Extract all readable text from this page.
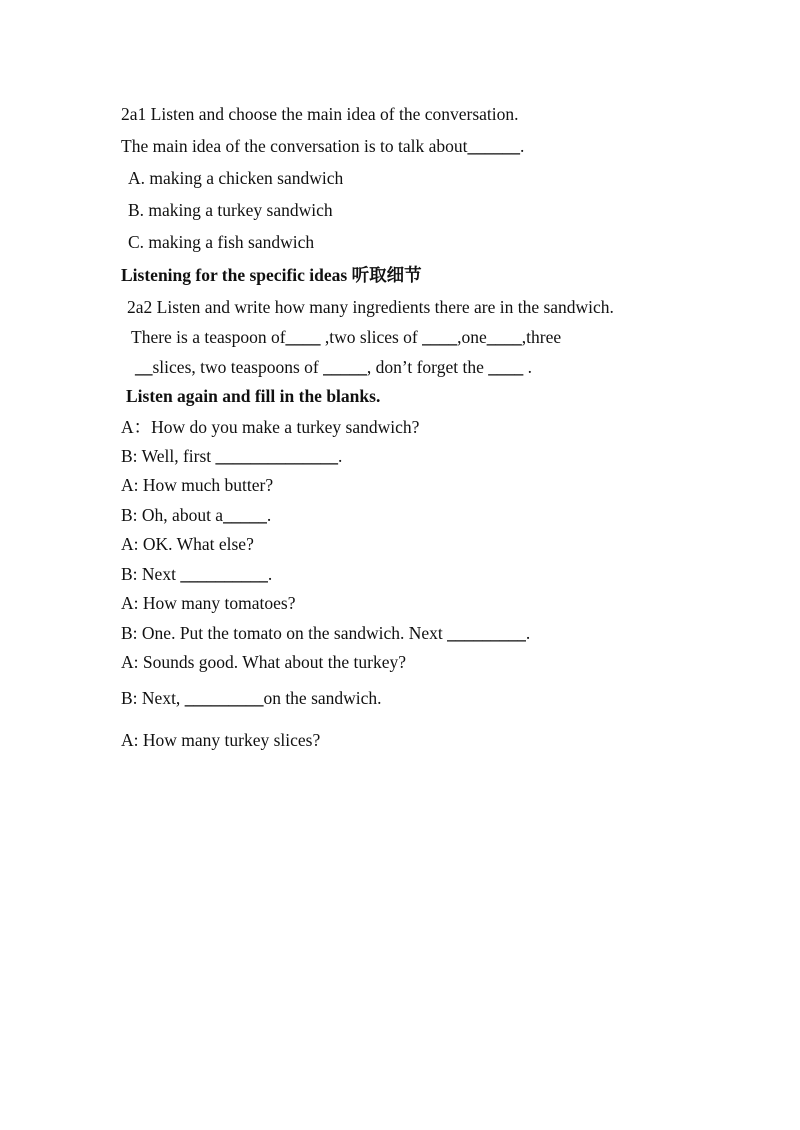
2a1 Listen and choose the main idea of the conversation.
The main idea of the conversation is to talk about______.
A. making a chicken sandwich
B. making a turkey sandwich
C. making a fish sandwich
Listening for the specific ideas 听取细节
2a2 Listen and write how many ingredients there are in the sandwich.
There is a teaspoon of____ ,two slices of ____,one____,three
__slices, two teaspoons of _____, don’t forget the ____ .
Listen again and fill in the blanks.
A：How do you make a turkey sandwich?
B: Well, first ______________.
A: How much butter?
B: Oh, about a_____.
A: OK. What else?
B: Next __________.
A: How many tomatoes?
B: One. Put the tomato on the sandwich. Next _________.
A: Sounds good. What about the turkey?
B: Next, _________on the sandwich.
A: How many turkey slices?
